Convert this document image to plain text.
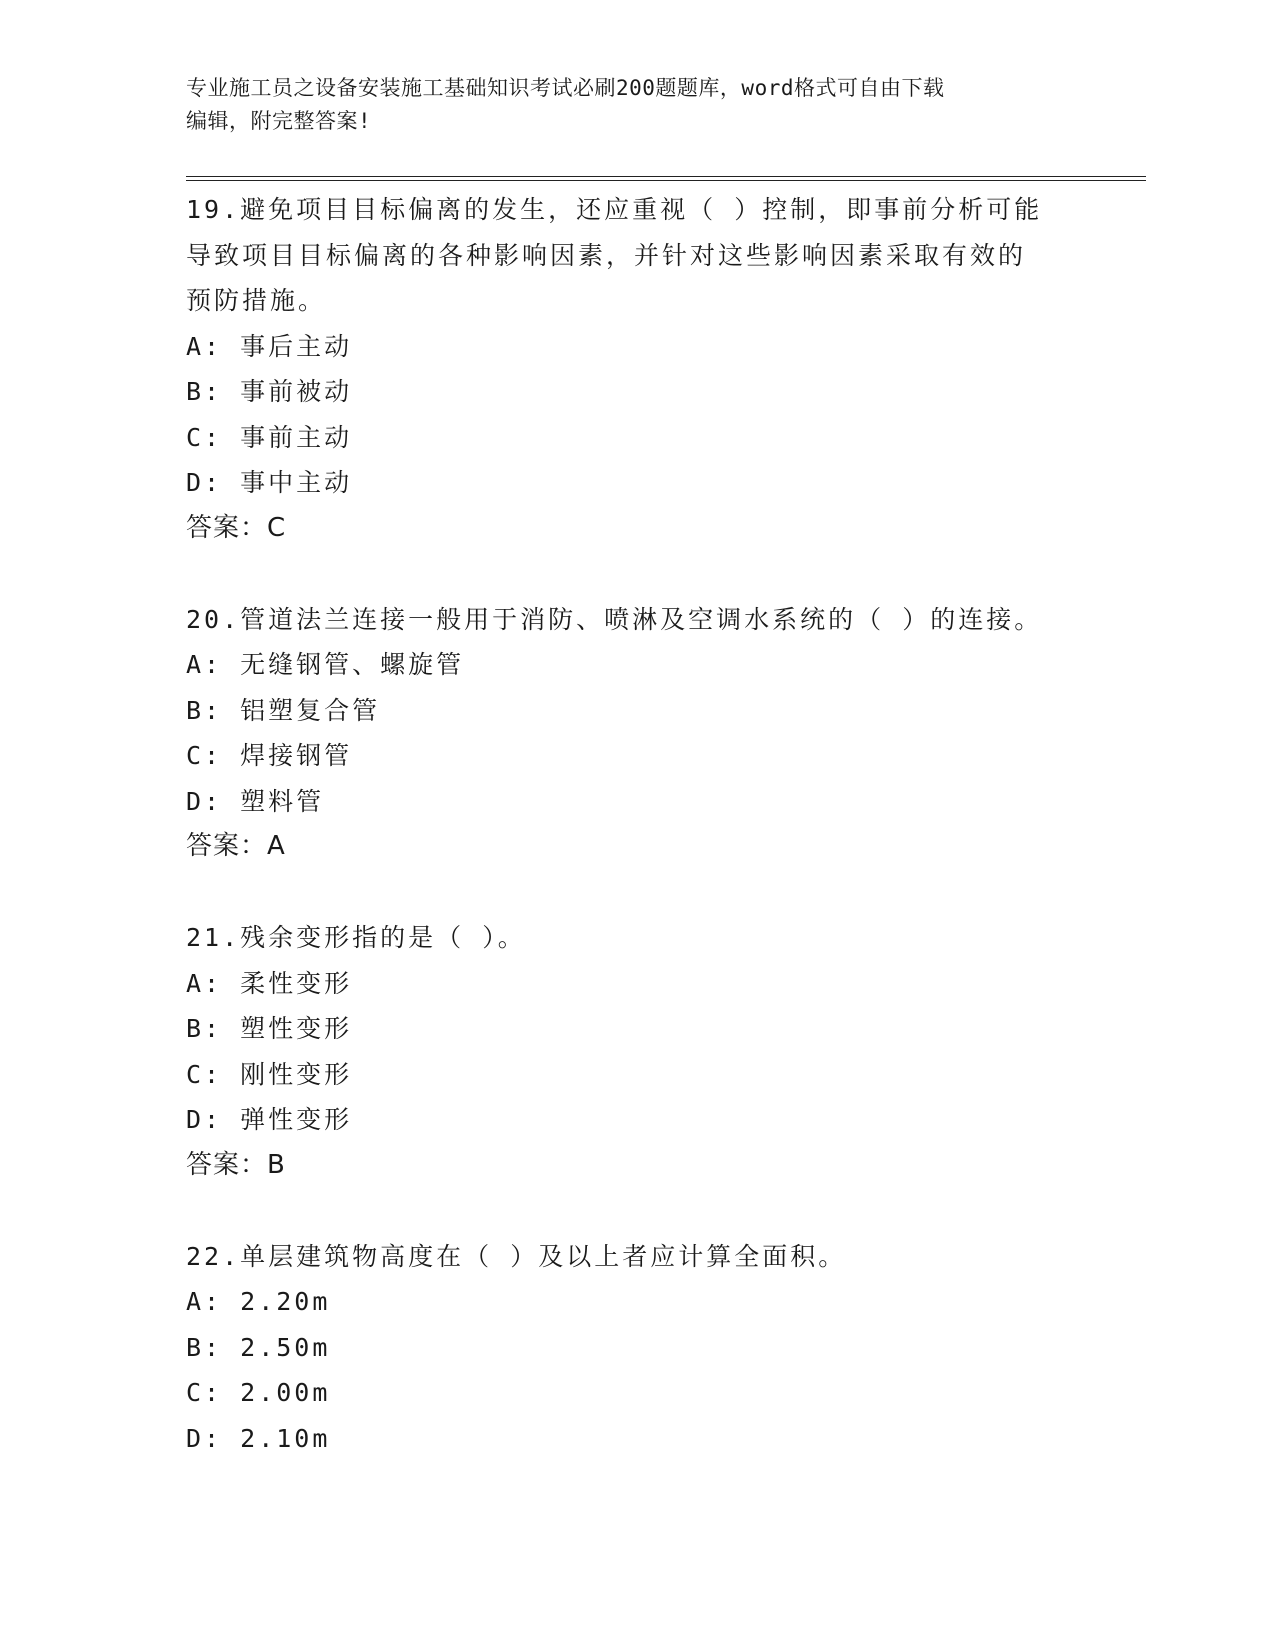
专业施工员之设备安装施工基础知识考试必刷200题题库，word格式可自由下载
编辑，附完整答案!
19.避免项目目标偏离的发生，还应重视（ ）控制，即事前分析可能
导致项目目标偏离的各种影响因素，并针对这些影响因素采取有效的
预防措施。
A: 事后主动
B: 事前被动
C: 事前主动
D: 事中主动
答案：C
20.管道法兰连接一般用于消防、喷淋及空调水系统的（ ）的连接。
A: 无缝钢管、螺旋管
B: 铝塑复合管
C: 焊接钢管
D: 塑料管
答案：A
21.残余变形指的是（ ）。
A: 柔性变形
B: 塑性变形
C: 刚性变形
D: 弹性变形
答案：B
22.单层建筑物高度在（ ）及以上者应计算全面积。
A: 2.20m
B: 2.50m
C: 2.00m
D: 2.10m
